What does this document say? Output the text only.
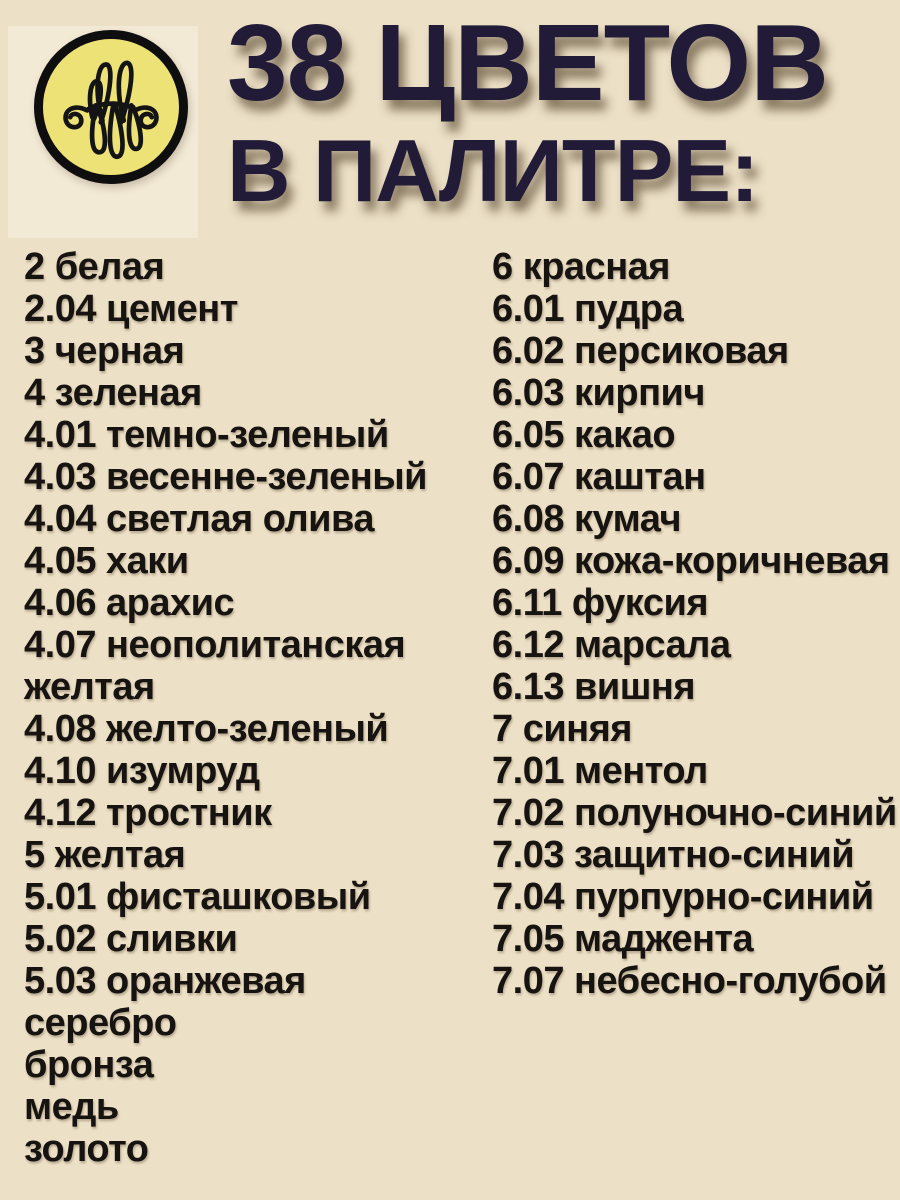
38 ЦВЕТОВ
В ПАЛИТРЕ:
2 белая
2.04 цемент
3 черная
4 зеленая
4.01 темно-зеленый
4.03 весенне-зеленый
4.04 светлая олива
4.05 хаки
4.06 арахис
4.07 неополитанская
желтая
4.08 желто-зеленый
4.10 изумруд
4.12 тростник
5 желтая
5.01 фисташковый
5.02 сливки
5.03 оранжевая
серебро
бронза
медь
золото
6 красная
6.01 пудра
6.02 персиковая
6.03 кирпич
6.05 какао
6.07 каштан
6.08 кумач
6.09 кожа-коричневая
6.11 фуксия
6.12 марсала
6.13 вишня
7 синяя
7.01 ментол
7.02 полуночно-синий
7.03 защитно-синий
7.04 пурпурно-синий
7.05 маджента
7.07 небесно-голубой
